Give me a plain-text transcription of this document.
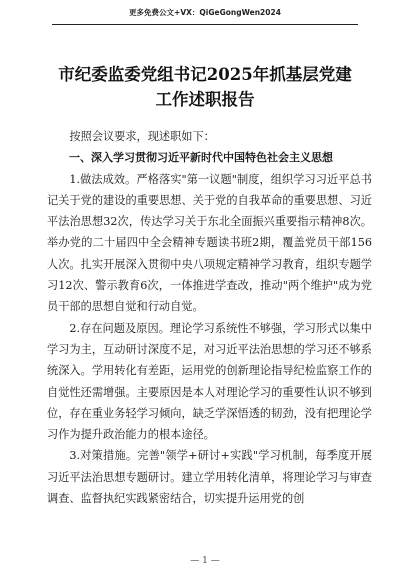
更多免费公文+VX：QiGeGongWen2024
市纪委监委党组书记2025年抓基层党建
工作述职报告

按照会议要求，现述职如下：

一、深入学习贯彻习近平新时代中国特色社会主义思想

1.做法成效。严格落实"第一议题"制度，组织学习习近平总书记关于党的建设的重要思想、关于党的自我革命的重要思想、习近平法治思想32次，传达学习关于东北全面振兴重要指示精神8次。举办党的二十届四中全会精神专题读书班2期，覆盖党员干部156人次。扎实开展深入贯彻中央八项规定精神学习教育，组织专题学习12次、警示教育6次，一体推进学查改，推动"两个维护"成为党员干部的思想自觉和行动自觉。

2.存在问题及原因。理论学习系统性不够强，学习形式以集中学习为主，互动研讨深度不足，对习近平法治思想的学习还不够系统深入。学用转化有差距，运用党的创新理论指导纪检监察工作的自觉性还需增强。主要原因是本人对理论学习的重要性认识不够到位，存在重业务轻学习倾向，缺乏学深悟透的韧劲，没有把理论学习作为提升政治能力的根本途径。

3.对策措施。完善"领学+研讨+实践"学习机制，每季度开展习近平法治思想专题研讨。建立学用转化清单，将理论学习与审查调查、监督执纪实践紧密结合，切实提升运用党的创

— 1 —
